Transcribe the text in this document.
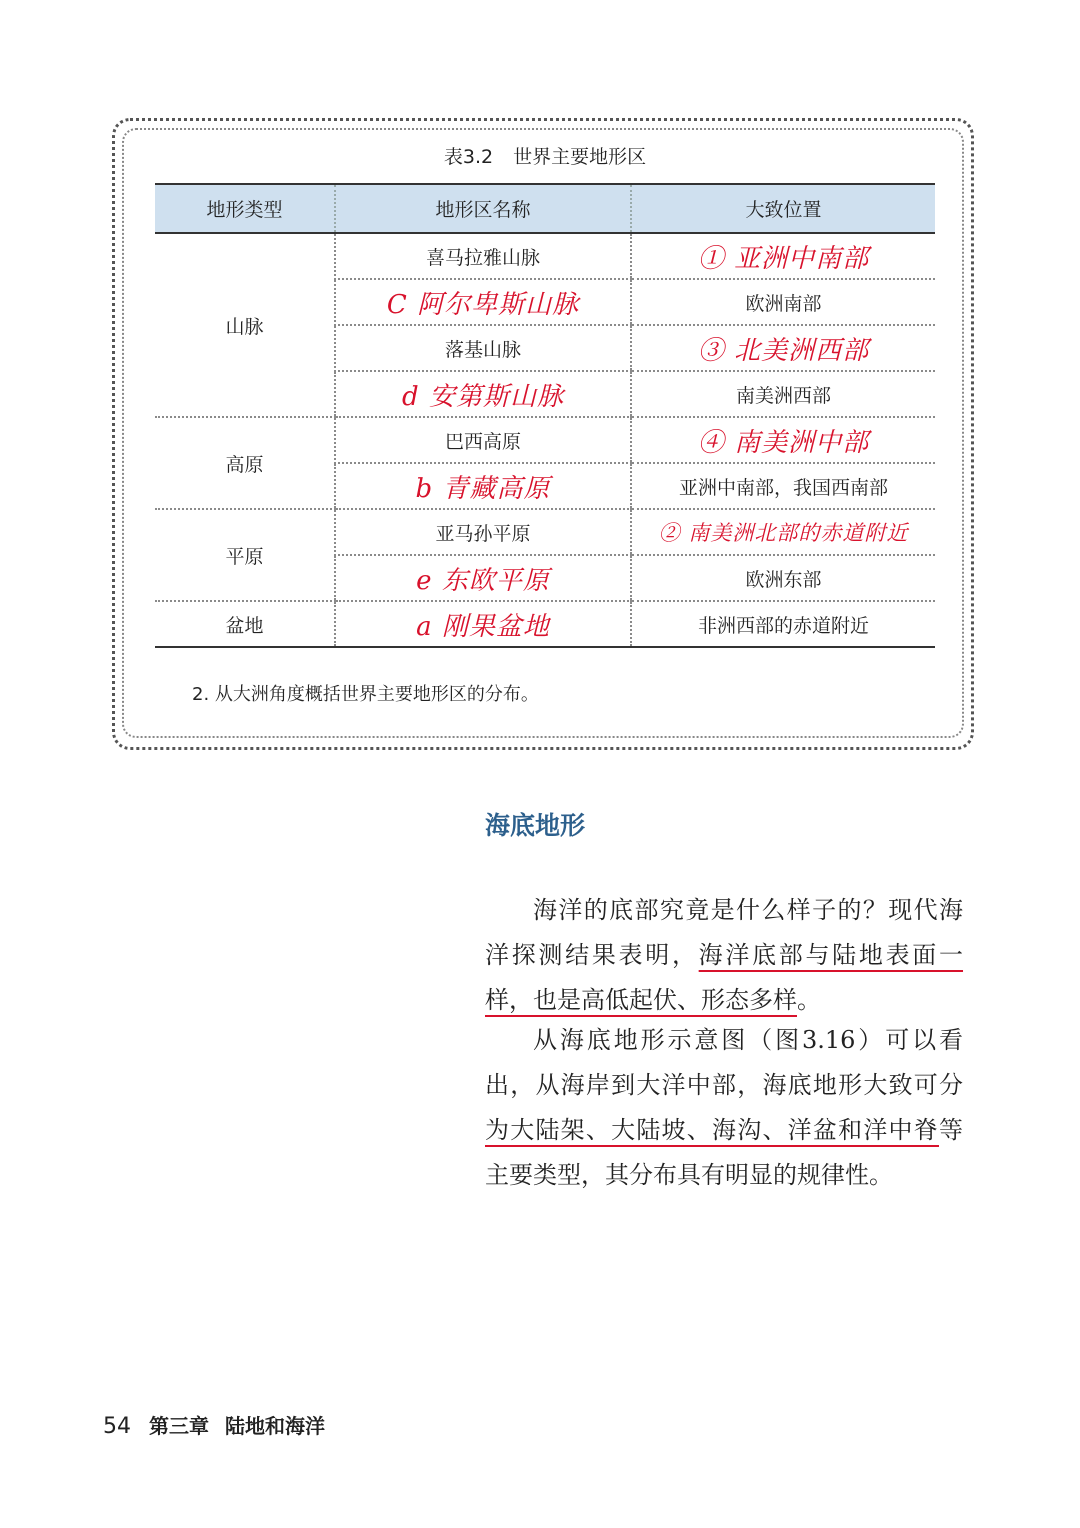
表3.2 世界主要地形区
地形类型	地形区名称	大致位置
山脉	喜马拉雅山脉	① 亚洲中南部
	C 阿尔卑斯山脉	欧洲南部
	落基山脉	③ 北美洲西部
	d 安第斯山脉	南美洲西部
高原	巴西高原	④ 南美洲中部
	b 青藏高原	亚洲中南部，我国西南部
平原	亚马孙平原	② 南美洲北部的赤道附近
	e 东欧平原	欧洲东部
盆地	a 刚果盆地	非洲西部的赤道附近
2. 从大洲角度概括世界主要地形区的分布。
海底地形

海洋的底部究竟是什么样子的？现代海洋探测结果表明，海洋底部与陆地表面一样，也是高低起伏、形态多样。

从海底地形示意图（图3.16）可以看出，从海岸到大洋中部，海底地形大致可分为大陆架、大陆坡、海沟、洋盆和洋中脊等主要类型，其分布具有明显的规律性。

54 第三章 陆地和海洋
